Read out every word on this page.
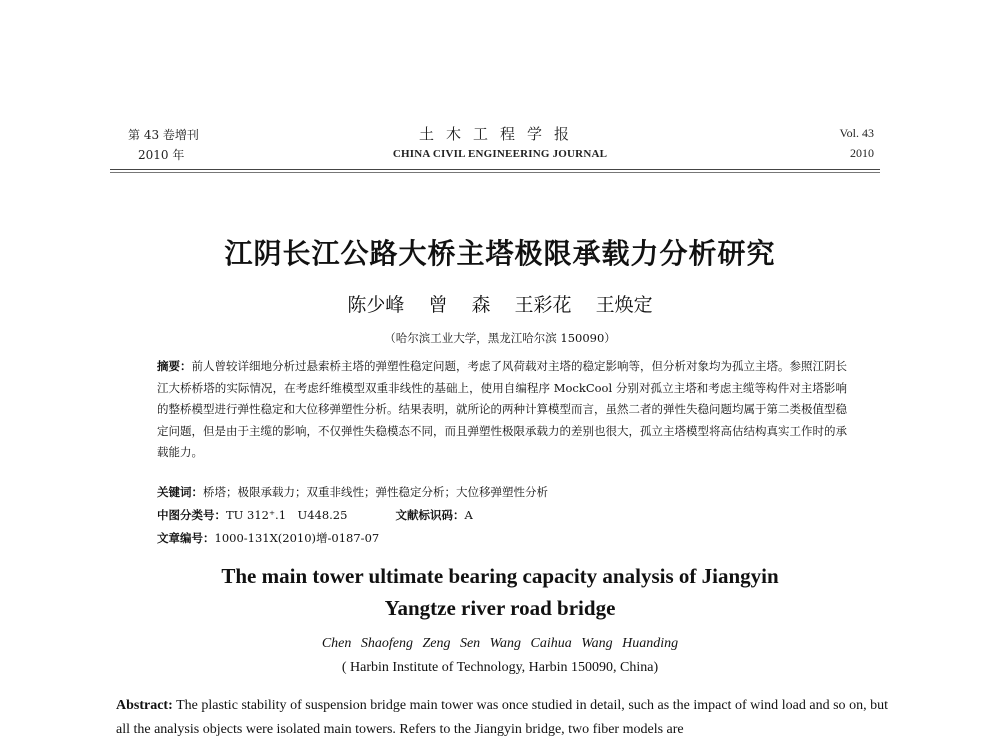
第 43 卷增刊
2010 年
土木工程学报
CHINA CIVIL ENGINEERING JOURNAL
Vol. 43
2010
江阴长江公路大桥主塔极限承载力分析研究
陈少峰 曾 森 王彩花 王焕定
（哈尔滨工业大学，黑龙江哈尔滨 150090）
摘要：前人曾较详细地分析过悬索桥主塔的弹塑性稳定问题，考虑了风荷载对主塔的稳定影响等，但分析对象均为孤立主塔。参照江阴长江大桥桥塔的实际情况，在考虑纤维模型双重非线性的基础上，使用自编程序 MockCool 分别对孤立主塔和考虑主缆等构件对主塔影响的整桥模型进行弹性稳定和大位移弹塑性分析。结果表明，就所论的两种计算模型而言，虽然二者的弹性失稳问题均属于第二类极值型稳定问题，但是由于主缆的影响，不仅弹性失稳模态不同，而且弹塑性极限承载力的差别也很大，孤立主塔模型将高估结构真实工作时的承载能力。
关键词：桥塔；极限承载力；双重非线性；弹性稳定分析；大位移弹塑性分析
中图分类号：TU 312⁺.1　U448.25	文献标识码：A
文章编号：1000-131X(2010)增-0187-07
The main tower ultimate bearing capacity analysis of Jiangyin
Yangtze river road bridge
Chen Shaofeng Zeng Sen Wang Caihua Wang Huanding
( Harbin Institute of Technology, Harbin 150090, China)
Abstract: The plastic stability of suspension bridge main tower was once studied in detail, such as the impact of wind load and so on, but all the analysis objects were isolated main towers. Refers to the Jiangyin bridge, two fiber models are
